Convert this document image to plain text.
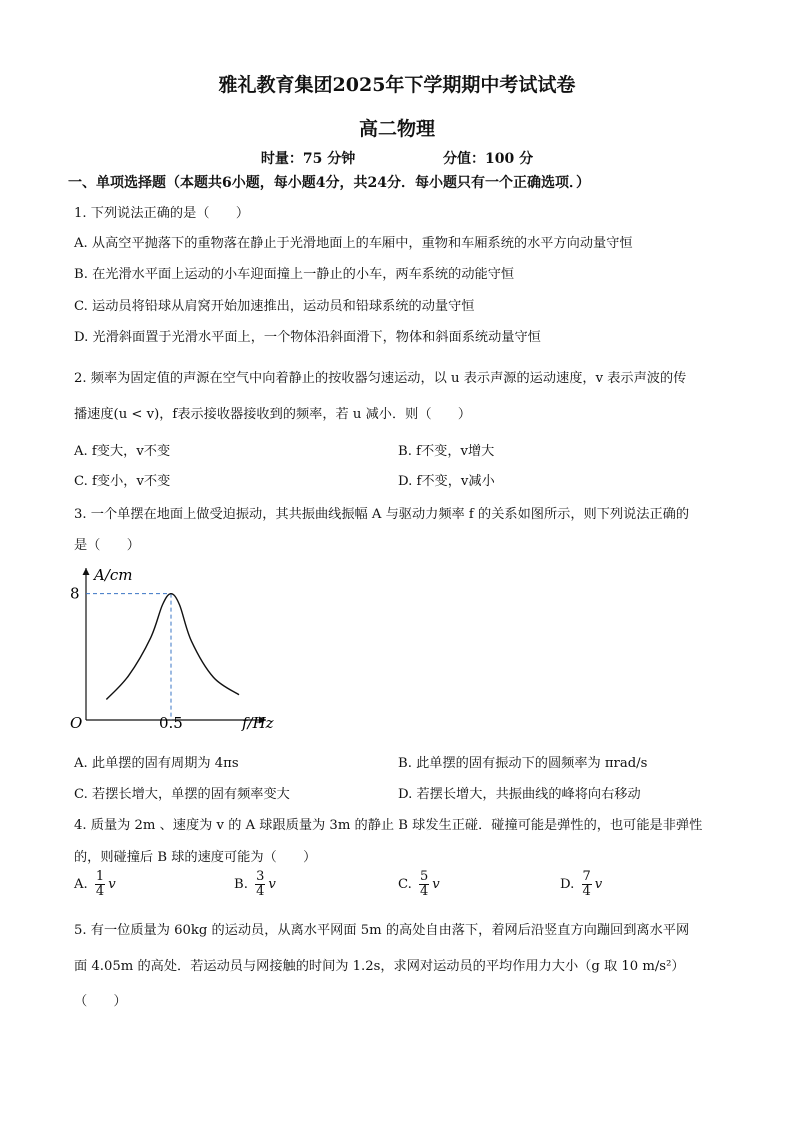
雅礼教育集团2025年下学期期中考试试卷
高二物理
时量：75 分钟	分值：100 分
一、单项选择题（本题共6小题，每小题4分，共24分．每小题只有一个正确选项．）
1. 下列说法正确的是（　　）
A. 从高空平抛落下的重物落在静止于光滑地面上的车厢中，重物和车厢系统的水平方向动量守恒
B. 在光滑水平面上运动的小车迎面撞上一静止的小车，两车系统的动能守恒
C. 运动员将铅球从肩窝开始加速推出，运动员和铅球系统的动量守恒
D. 光滑斜面置于光滑水平面上，一个物体沿斜面滑下，物体和斜面系统动量守恒
2. 频率为固定值的声源在空气中向着静止的按收器匀速运动，以 u 表示声源的运动速度，v 表示声波的传
播速度(u < v)，f表示接收器接收到的频率，若 u 减小．则（　　）
A. f变大，v不变	B. f不变，v增大
C. f变小，v不变	D. f不变，v减小
3. 一个单摆在地面上做受迫振动，其共振曲线振幅 A 与驱动力频率 f 的关系如图所示，则下列说法正确的
是（　　）
A/cm
8
0.5
O	f/Hz
A. 此单摆的固有周期为 4πs	B. 此单摆的固有振动下的圆频率为 πrad/s
C. 若摆长增大，单摆的固有频率变大	D. 若摆长增大，共振曲线的峰将向右移动
4. 质量为 2m 、速度为 v 的 A 球跟质量为 3m 的静止 B 球发生正碰．碰撞可能是弹性的，也可能是非弹性
的，则碰撞后 B 球的速度可能为（　　）
A. $\frac{1}{4}$ v	B. $\frac{3}{4}$ v	C. $\frac{5}{4}$ v	D. $\frac{7}{4}$ v
5. 有一位质量为 60kg 的运动员，从离水平网面 5m 的高处自由落下，着网后沿竖直方向蹦回到离水平网
面 4.05m 的高处．若运动员与网接触的时间为 1.2s，求网对运动员的平均作用力大小（g 取 10 m/s²）
（　　）
